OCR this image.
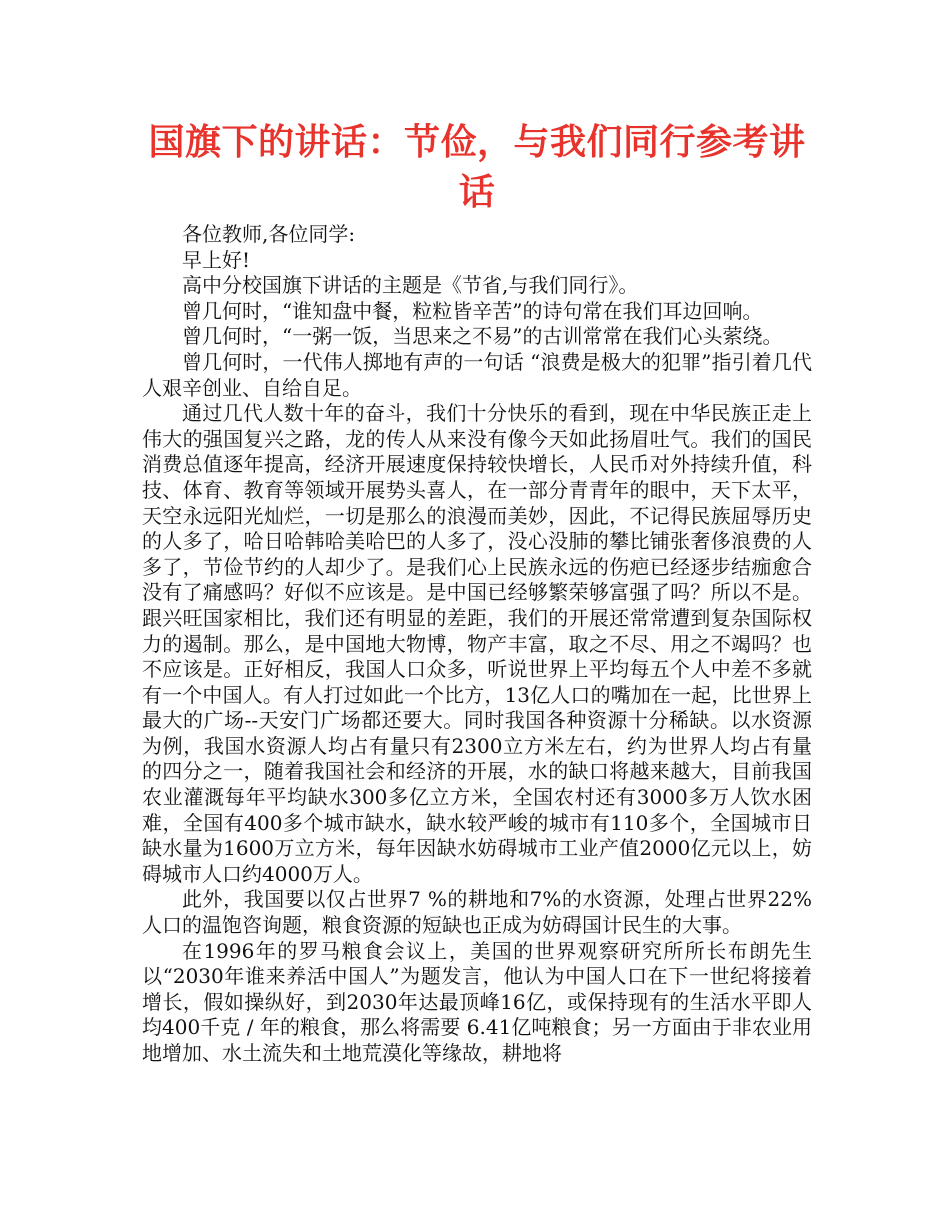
国旗下的讲话：节俭，与我们同行参考讲话

各位教师,各位同学:

早上好!

高中分校国旗下讲话的主题是《节省,与我们同行》。

曾几何时，“谁知盘中餐，粒粒皆辛苦”的诗句常在我们耳边回响。

曾几何时，“一粥一饭，当思来之不易”的古训常常在我们心头萦绕。

曾几何时，一代伟人掷地有声的一句话 “浪费是极大的犯罪”指引着几代人艰辛创业、自给自足。

通过几代人数十年的奋斗，我们十分快乐的看到，现在中华民族正走上伟大的强国复兴之路，龙的传人从来没有像今天如此扬眉吐气。我们的国民消费总值逐年提高，经济开展速度保持较快增长，人民币对外持续升值，科技、体育、教育等领域开展势头喜人，在一部分青青年的眼中，天下太平，天空永远阳光灿烂，一切是那么的浪漫而美妙，因此，不记得民族屈辱历史的人多了，哈日哈韩哈美哈巴的人多了，没心没肺的攀比铺张奢侈浪费的人多了，节俭节约的人却少了。是我们心上民族永远的伤疤已经逐步结痂愈合没有了痛感吗？好似不应该是。是中国已经够繁荣够富强了吗？所以不是。跟兴旺国家相比，我们还有明显的差距，我们的开展还常常遭到复杂国际权力的遏制。那么，是中国地大物博，物产丰富，取之不尽、用之不竭吗？也不应该是。正好相反，我国人口众多，听说世界上平均每五个人中差不多就有一个中国人。有人打过如此一个比方，13亿人口的嘴加在一起，比世界上最大的广场--天安门广场都还要大。同时我国各种资源十分稀缺。以水资源为例，我国水资源人均占有量只有2300立方米左右，约为世界人均占有量的四分之一，随着我国社会和经济的开展，水的缺口将越来越大，目前我国农业灌溉每年平均缺水300多亿立方米，全国农村还有3000多万人饮水困难，全国有400多个城市缺水，缺水较严峻的城市有110多个，全国城市日缺水量为1600万立方米，每年因缺水妨碍城市工业产值2000亿元以上，妨碍城市人口约4000万人。

此外，我国要以仅占世界7 %的耕地和7%的水资源，处理占世界22%人口的温饱咨询题，粮食资源的短缺也正成为妨碍国计民生的大事。

在1996年的罗马粮食会议上，美国的世界观察研究所所长布朗先生以“2030年谁来养活中国人”为题发言，他认为中国人口在下一世纪将接着增长，假如操纵好，到2030年达最顶峰16亿，或保持现有的生活水平即人均400千克 / 年的粮食，那么将需要 6.41亿吨粮食；另一方面由于非农业用地增加、水土流失和土地荒漠化等缘故，耕地将
